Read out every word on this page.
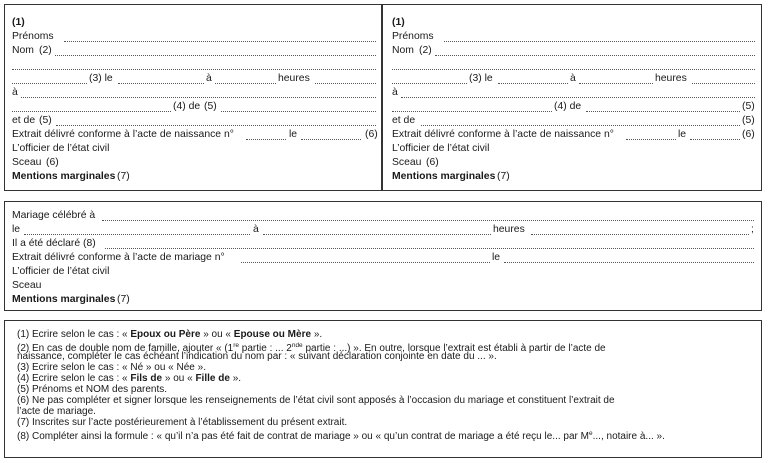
(1)
Prénoms
Nom (2)
(3) le	à	heures
à
(4) de (5)
et de (5)
Extrait délivré conforme à l’acte de naissance n°	le	(6)
L’officier de l’état civil
Sceau (6)
Mentions marginales (7)
(1)
Prénoms
Nom (2)
(3) le	à	heures
à
(4) de	(5)
et de	(5)
Extrait délivré conforme à l’acte de naissance n°	le	(6)
L’officier de l’état civil
Sceau (6)
Mentions marginales (7)
Mariage célébré à
le	à	heures	;
Il a été déclaré (8)
Extrait délivré conforme à l’acte de mariage n°	le
L’officier de l’état civil
Sceau
Mentions marginales (7)
(1) Ecrire selon le cas : « Epoux ou Père » ou « Epouse ou Mère ».
(2) En cas de double nom de famille, ajouter « (1re partie : ... 2nde partie : ...) ». En outre, lorsque l’extrait est établi à partir de l’acte de
naissance, compléter le cas échéant l’indication du nom par : « suivant déclaration conjointe en date du ... ».
(3) Ecrire selon le cas : « Né » ou « Née ».
(4) Ecrire selon le cas : « Fils de » ou « Fille de ».
(5) Prénoms et NOM des parents.
(6) Ne pas compléter et signer lorsque les renseignements de l’état civil sont apposés à l’occasion du mariage et constituent l’extrait de
l’acte de mariage.
(7) Inscrites sur l’acte postérieurement à l’établissement du présent extrait.
(8) Compléter ainsi la formule : « qu’il n’a pas été fait de contrat de mariage » ou « qu’un contrat de mariage a été reçu le... par Me..., notaire à... ».
